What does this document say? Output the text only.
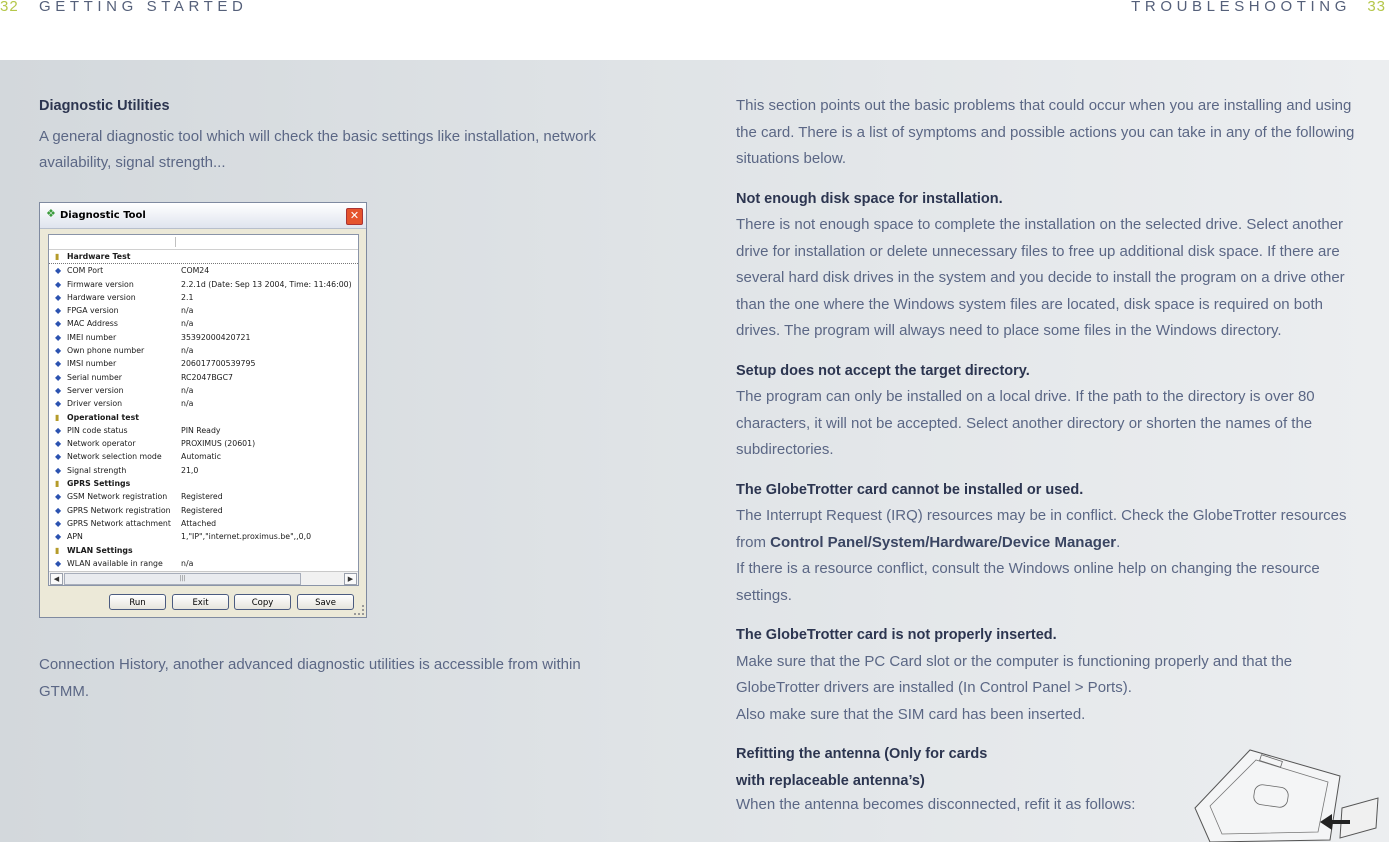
32 GETTING STARTED	TROUBLESHOOTING 33
Diagnostic Utilities
A general diagnostic tool which will check the basic settings like installation, network availability, signal strength...
❖ Diagnostic Tool	✕
▮ Hardware Test
◆ COM Port	COM24
◆ Firmware version	2.2.1d (Date: Sep 13 2004, Time: 11:46:00)
◆ Hardware version	2.1
◆ FPGA version	n/a
◆ MAC Address	n/a
◆ IMEI number	35392000420721
◆ Own phone number	n/a
◆ IMSI number	206017700539795
◆ Serial number	RC2047BGC7
◆ Server version	n/a
◆ Driver version	n/a
▮ Operational test
◆ PIN code status	PIN Ready
◆ Network operator	PROXIMUS (20601)
◆ Network selection mode Automatic
◆ Signal strength	21,0
▮ GPRS Settings
◆ GSM Network registration Registered
◆ GPRS Network registration Registered
◆ GPRS Network attachment Attached
◆ APN	1,"IP","internet.proximus.be",,0,0
▮ WLAN Settings
◆ WLAN available in range n/a
◀	|||	▶
Run	Exit	Copy	Save
Connection History, another advanced diagnostic utilities is accessible from within GTMM.
This section points out the basic problems that could occur when you are installing and using the card. There is a list of symptoms and possible actions you can take in any of the following situations below.
Not enough disk space for installation.
There is not enough space to complete the installation on the selected drive. Select another drive for installation or delete unnecessary files to free up additional disk space. If there are several hard disk drives in the system and you decide to install the program on a drive other than the one where the Windows system files are located, disk space is required on both drives. The program will always need to place some files in the Windows directory.
Setup does not accept the target directory.
The program can only be installed on a local drive. If the path to the directory is over 80 characters, it will not be accepted. Select another directory or shorten the names of the subdirectories.
The GlobeTrotter card cannot be installed or used.
The Interrupt Request (IRQ) resources may be in conflict. Check the GlobeTrotter resources from Control Panel/System/Hardware/Device Manager.
If there is a resource conflict, consult the Windows online help on changing the resource settings.
The GlobeTrotter card is not properly inserted.
Make sure that the PC Card slot or the computer is functioning properly and that the GlobeTrotter drivers are installed (In Control Panel > Ports).
Also make sure that the SIM card has been inserted.
Refitting the antenna (Only for cards
with replaceable antenna’s)
When the antenna becomes disconnected, refit it as follows:
